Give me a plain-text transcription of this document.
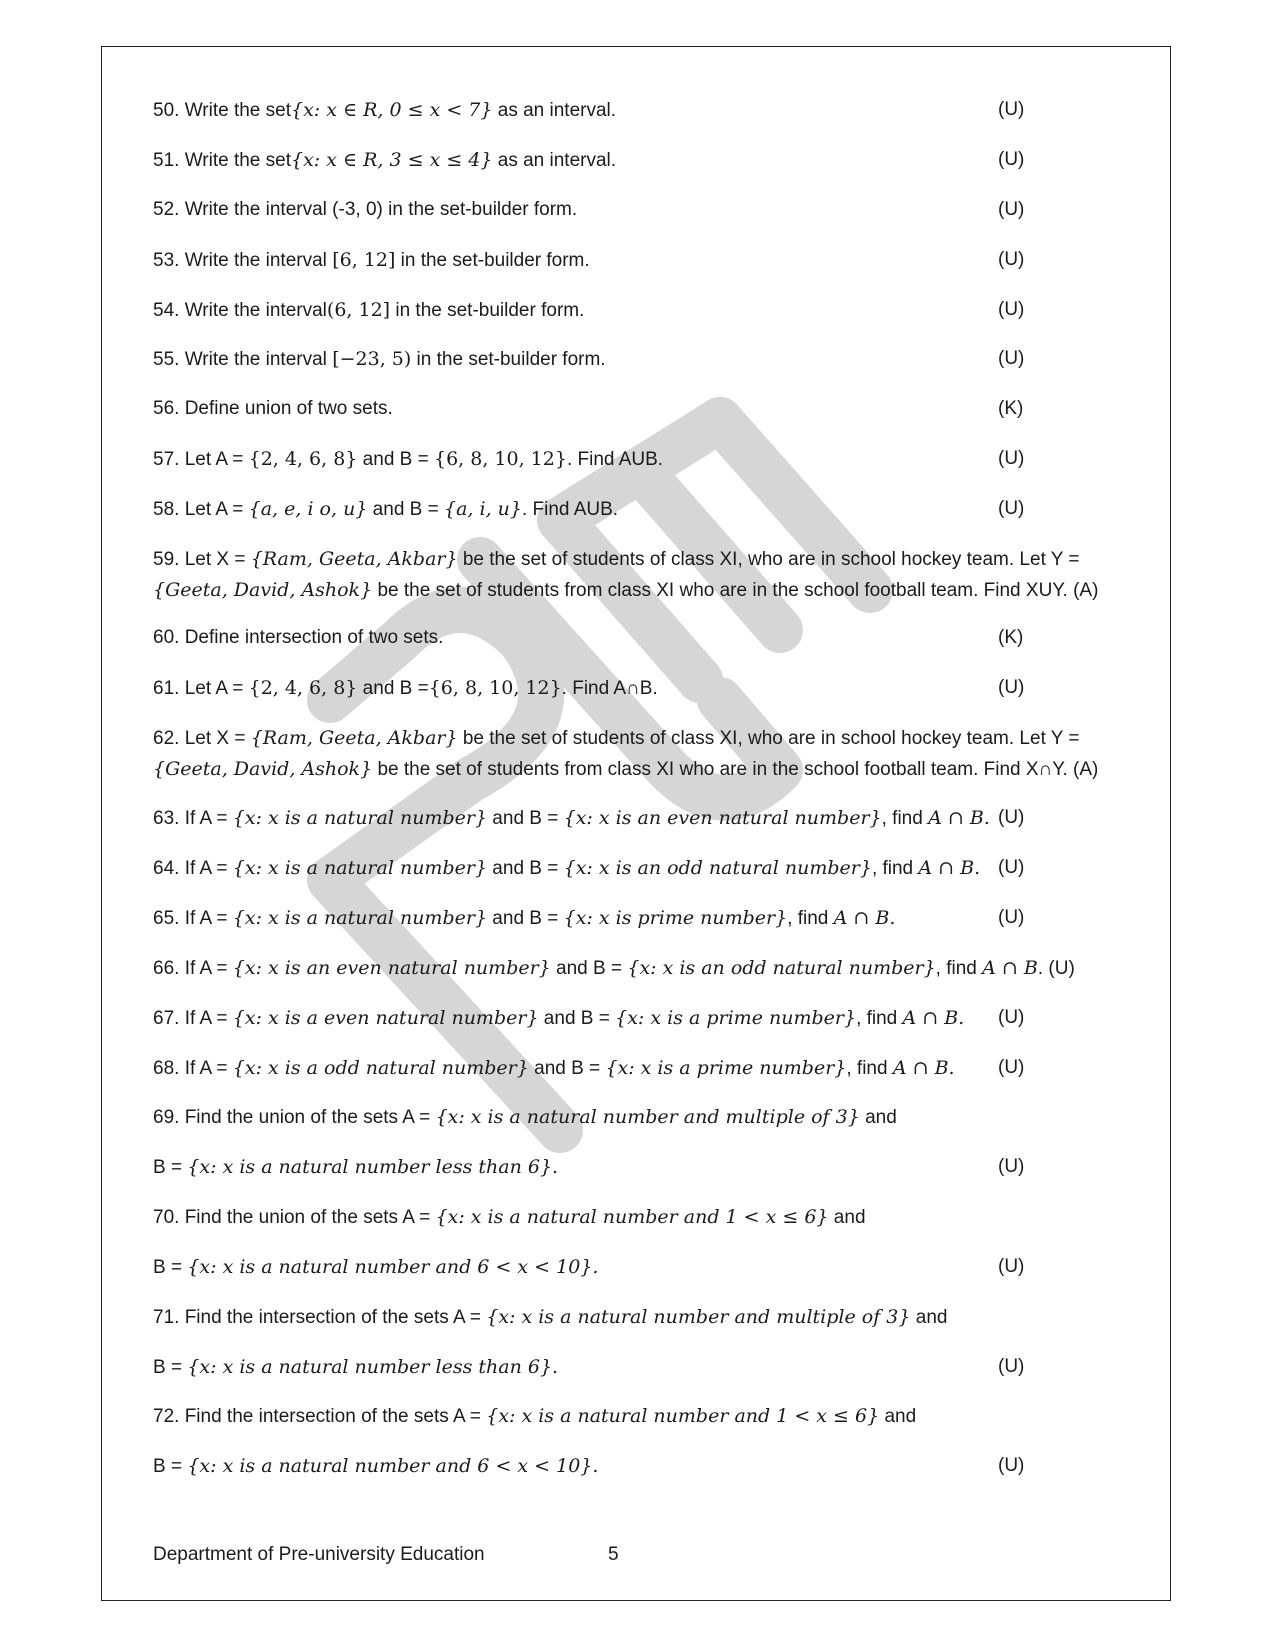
50. Write the set{x: x ∈ R, 0 ≤ x < 7} as an interval.	(U)
51. Write the set{x: x ∈ R, 3 ≤ x ≤ 4} as an interval.	(U)
52. Write the interval (-3, 0) in the set-builder form.	(U)
53. Write the interval [6, 12] in the set-builder form.	(U)
54. Write the interval(6, 12] in the set-builder form.	(U)
55. Write the interval [−23, 5) in the set-builder form.	(U)
56. Define union of two sets.	(K)
57. Let A = {2, 4, 6, 8} and B = {6, 8, 10, 12}. Find AUB.	(U)
58. Let A = {a, e, i o, u} and B = {a, i, u}. Find AUB.	(U)
59. Let X = {Ram, Geeta, Akbar} be the set of students of class XI, who are in school hockey team. Let Y = {Geeta, David, Ashok} be the set of students from class XI who are in the school football team. Find XUY. (A)
60. Define intersection of two sets.	(K)
61. Let A = {2, 4, 6, 8} and B ={6, 8, 10, 12}. Find A∩B.	(U)
62. Let X = {Ram, Geeta, Akbar} be the set of students of class XI, who are in school hockey team. Let Y = {Geeta, David, Ashok} be the set of students from class XI who are in the school football team. Find X∩Y. (A)
63. If A = {x: x is a natural number} and B = {x: x is an even natural number}, find A ∩ B. (U)
64. If A = {x: x is a natural number} and B = {x: x is an odd natural number}, find A ∩ B. (U)
65. If A = {x: x is a natural number} and B = {x: x is prime number}, find A ∩ B.	(U)
66. If A = {x: x is an even natural number} and B = {x: x is an odd natural number}, find A ∩ B. (U)
67. If A = {x: x is a even natural number} and B = {x: x is a prime number}, find A ∩ B. (U)
68. If A = {x: x is a odd natural number} and B = {x: x is a prime number}, find A ∩ B. (U)
69. Find the union of the sets A = {x: x is a natural number and multiple of 3} and
B = {x: x is a natural number less than 6}.	(U)
70. Find the union of the sets A = {x: x is a natural number and 1 < x ≤ 6} and
B = {x: x is a natural number and 6 < x < 10}.	(U)
71. Find the intersection of the sets A = {x: x is a natural number and multiple of 3} and
B = {x: x is a natural number less than 6}.	(U)
72. Find the intersection of the sets A = {x: x is a natural number and 1 < x ≤ 6} and
B = {x: x is a natural number and 6 < x < 10}.	(U)
Department of Pre-university Education	5
